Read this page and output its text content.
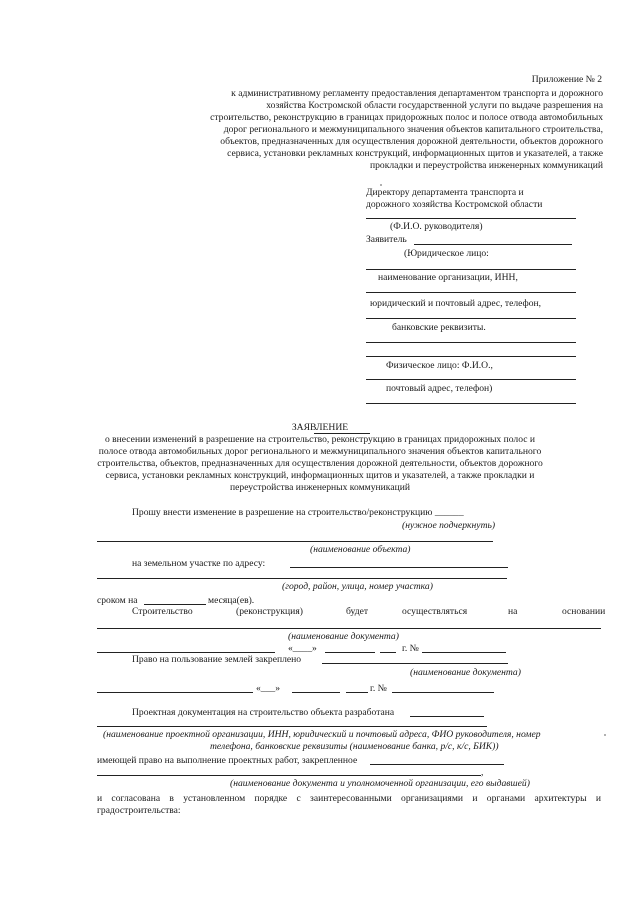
Приложение № 2
к административному регламенту предоставления департаментом транспорта и дорожного
хозяйства Костромской области государственной услуги по выдаче разрешения на
строительство, реконструкцию в границах придорожных полос и полосе отвода автомобильных
дорог регионального и межмуниципального значения объектов капитального строительства,
объектов, предназначенных для осуществления дорожной деятельности, объектов дорожного
сервиса, установки рекламных конструкций, информационных щитов и указателей, а также
прокладки и переустройства инженерных коммуникаций
Директору департамента транспорта и
дорожного хозяйства Костромской области
(Ф.И.О. руководителя)
Заявитель
(Юридическое лицо:
наименование организации, ИНН,
юридический и почтовый адрес, телефон,
банковские реквизиты.
Физическое лицо: Ф.И.О.,
почтовый адрес, телефон)
ЗАЯВЛЕНИЕ
о внесении изменений в разрешение на строительство, реконструкцию в границах придорожных полос и
полосе отвода автомобильных дорог регионального и межмуниципального значения объектов капитального
строительства, объектов, предназначенных для осуществления дорожной деятельности, объектов дорожного
сервиса, установки рекламных конструкций, информационных щитов и указателей, а также прокладки и
переустройства инженерных коммуникаций
Прошу внести изменение в разрешение на строительство/реконструкцию ______
(нужное подчеркнуть)
(наименование объекта)
на земельном участке по адресу:
(город, район, улица, номер участка)
сроком на	месяца(ев).
Строительство	(реконструкция)	будет	осуществляться	на	основании
(наименование документа)
«____»	г. №
Право на пользование землей закреплено
(наименование документа)
«___»	г. №
Проектная документация на строительство объекта разработана
(наименование проектной организации, ИНН, юридический и почтовый адреса, ФИО руководителя, номер
телефона, банковские реквизиты (наименование банка, р/с, к/с, БИК))
имеющей право на выполнение проектных работ, закрепленное
,
(наименование документа и уполномоченной организации, его выдавшей)
и согласована в установленном порядке с заинтересованными организациями и органами архитектуры и
градостроительства:
